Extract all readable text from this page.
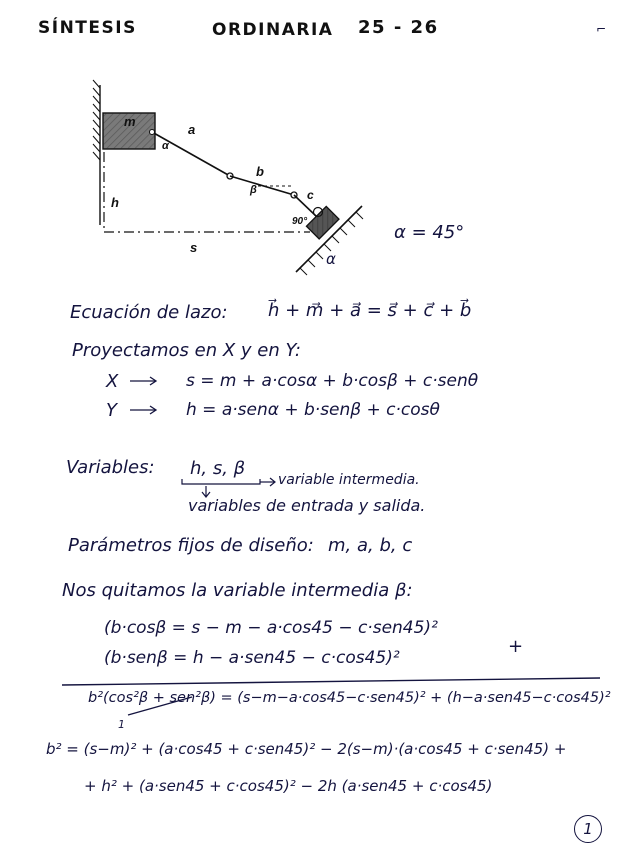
SÍNTESIS	ORDINARIA 25 - 26	⌐
m
a
α
b
β	c
90°
h
s
α
α = 45°
Ecuación de lazo: h⃗ + m⃗ + a⃗ = s⃗ + c⃗ + b⃗
Proyectamos en X y en Y:
X	s = m + a·cosα + b·cosβ + c·senθ
Y	h = a·senα + b·senβ + c·cosθ
Variables: h, s, β
variable intermedia.
variables de entrada y salida.
Parámetros fijos de diseño: m, a, b, c
Nos quitamos la variable intermedia β:
(b·cosβ = s − m − a·cos45 − c·sen45)²
(b·senβ = h − a·sen45 − c·cos45)²
+
b²(cos²β + sen²β) = (s−m−a·cos45−c·sen45)² + (h−a·sen45−c·cos45)²
1
b² = (s−m)² + (a·cos45 + c·sen45)² − 2(s−m)·(a·cos45 + c·sen45) +
+ h² + (a·sen45 + c·cos45)² − 2h (a·sen45 + c·cos45)
1
